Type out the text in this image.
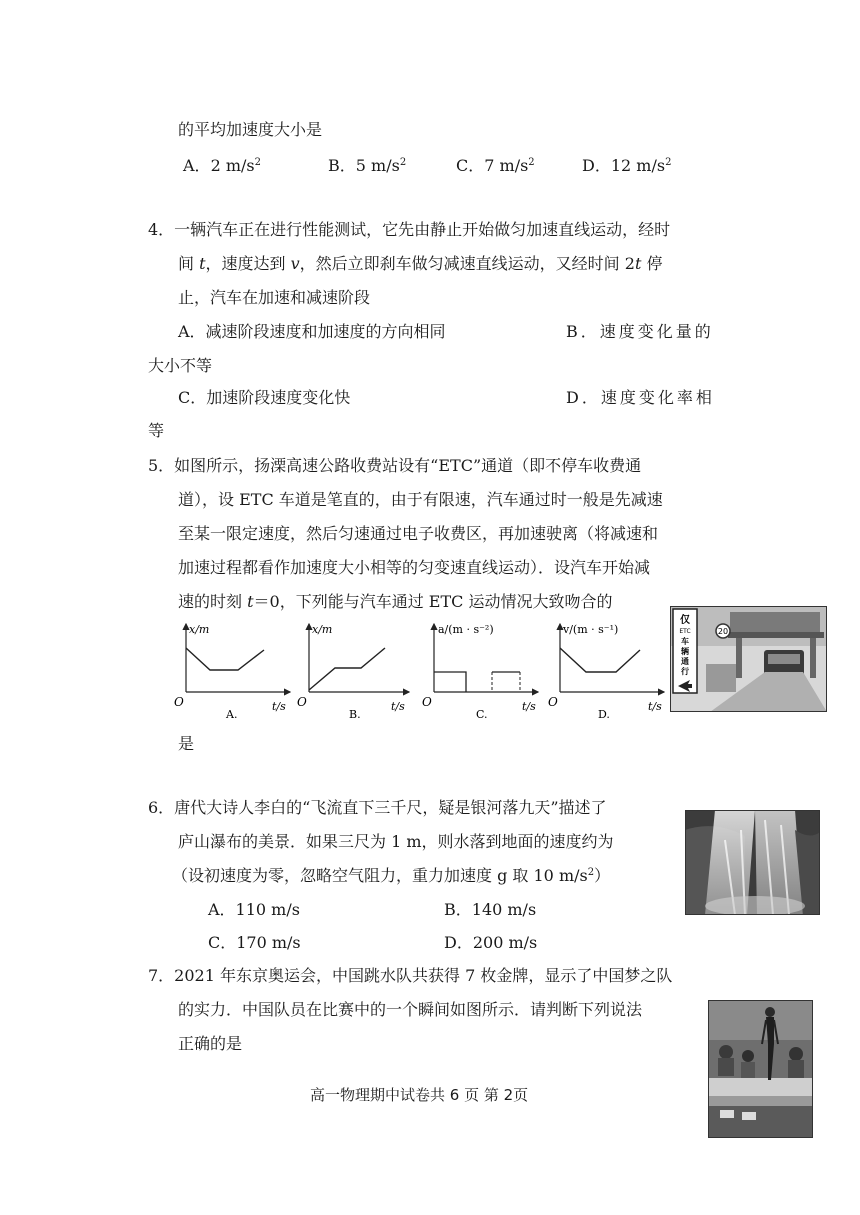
的平均加速度大小是
A．2 $m/s^2$	B．5 $m/s^2$	C．7 $m/s^2$	D．12 $m/s^2$
4．一辆汽车正在进行性能测试，它先由静止开始做匀加速直线运动，经时
间 t，速度达到 v，然后立即刹车做匀减速直线运动，又经时间 2t 停
止，汽车在加速和减速阶段
A．减速阶段速度和加速度的方向相同	B．速度变化量的
大小不等
C．加速阶段速度变化快	D．速度变化率相
等
5．如图所示，扬溧高速公路收费站设有“ETC”通道（即不停车收费通
道），设 ETC 车道是笔直的，由于有限速，汽车通过时一般是先减速
至某一限定速度，然后匀速通过电子收费区，再加速驶离（将减速和
加速过程都看作加速度大小相等的匀变速直线运动）．设汽车开始减
速的时刻 t＝0，下列能与汽车通过 ETC 运动情况大致吻合的
x/m
t/s
O
A.
x/m
t/s
O
B.
a/(m · s⁻²)
t/s
O
C.
v/(m · s⁻¹)
t/s
O
D.
20
仅
ETC
车
辆
通
行
是
6．唐代大诗人李白的“飞流直下三千尺，疑是银河落九天”描述了
庐山瀑布的美景．如果三尺为 1 m，则水落到地面的速度约为
（设初速度为零，忽略空气阻力，重力加速度 g 取 10 $m/s^2$）
A．110 m/s	B．140 m/s
C．170 m/s	D．200 m/s
7．2021 年东京奥运会，中国跳水队共获得 7 枚金牌，显示了中国梦之队
的实力．中国队员在比赛中的一个瞬间如图所示．请判断下列说法
正确的是
高一物理期中试卷共 6 页 第 2页
